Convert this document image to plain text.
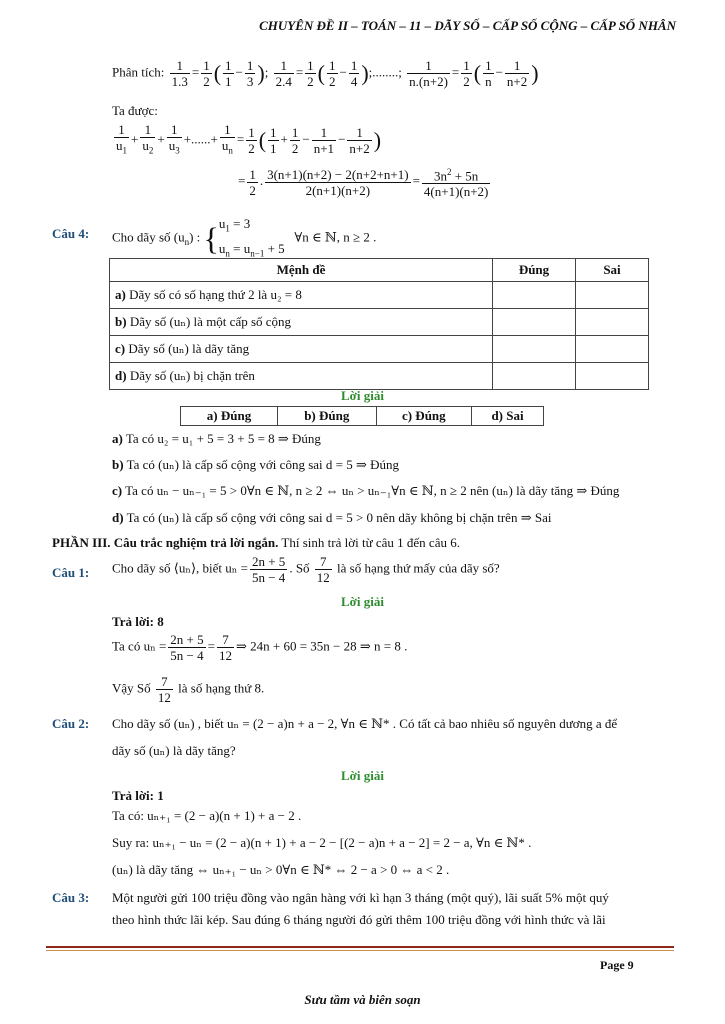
CHUYÊN ĐỀ II – TOÁN – 11 – DÃY SỐ – CẤP SỐ CỘNG – CẤP SỐ NHÂN
Phân tích: $\frac{1}{1.3} = \frac{1}{2}$ ( $\frac{1}{1} - \frac{1}{3}$ ); $\frac{1}{2.4} = \frac{1}{2}$ ( $\frac{1}{2} - \frac{1}{4}$ );........; $\frac{1}{n.(n+2)} = \frac{1}{2}$ ( $\frac{1}{n} - \frac{1}{n+2}$ )
Ta được:
$\frac{1}{u_1} + \frac{1}{u_2} + \frac{1}{u_3}$ +......+ $\frac{1}{u_n} = \frac{1}{2}$ ( $\frac{1}{1} + \frac{1}{2} - \frac{1}{n+1} - \frac{1}{n+2}$ )
= $\frac{1}{2}$ . $\frac{3(n+1)(n+2) - 2(n+2+n+1)}{2(n+1)(n+2)} = \frac{3n^2 + 5n}{4(n+1)(n+2)}$
Câu 4: Cho dãy số $(u_n)$ : {$u_1 = 3$
$u_n = u_{n-1} + 5$   ∀n ∈ ℕ, n ≥ 2 .
Mệnh đề	Đúng	Sai
a) Dãy số có số hạng thứ 2 là u₂ = 8		
b) Dãy số (uₙ) là một cấp số cộng		
c) Dãy số (uₙ) là dãy tăng		
d) Dãy số (uₙ) bị chặn trên		
Lời giải
a) Đúng	b) Đúng	c) Đúng	d) Sai
a) Ta có u₂ = u₁ + 5 = 3 + 5 = 8 ⇒ Đúng
b) Ta có (uₙ) là cấp số cộng với công sai d = 5 ⇒ Đúng
c) Ta có uₙ − uₙ₋₁ = 5 > 0∀n ∈ ℕ, n ≥ 2 ⇔ uₙ > uₙ₋₁∀n ∈ ℕ, n ≥ 2 nên (uₙ) là dãy tăng ⇒ Đúng
d) Ta có (uₙ) là cấp số cộng với công sai d = 5 > 0 nên dãy không bị chặn trên ⇒ Sai
PHẦN III. Câu trắc nghiệm trả lời ngắn. Thí sinh trả lời từ câu 1 đến câu 6.
Câu 1: Cho dãy số ⟨uₙ⟩, biết $u_n = \frac{2n + 5}{5n - 4}$ . Số $\frac{7}{12}$ là số hạng thứ mấy của dãy số?
Lời giải
Trả lời: 8
Ta có $u_n = \frac{2n + 5}{5n - 4} = \frac{7}{12}$ ⇒ 24n + 60 = 35n − 28 ⇒ n = 8 .
Vậy Số $\frac{7}{12}$ là số hạng thứ 8.
Câu 2: Cho dãy số (uₙ) , biết uₙ = (2 − a)n + a − 2, ∀n ∈ ℕ* . Có tất cả bao nhiêu số nguyên dương a để
dãy số (uₙ) là dãy tăng?
Lời giải
Trả lời: 1
Ta có: uₙ₊₁ = (2 − a)(n + 1) + a − 2 .
Suy ra: uₙ₊₁ − uₙ = (2 − a)(n + 1) + a − 2 − [(2 − a)n + a − 2] = 2 − a, ∀n ∈ ℕ* .
(uₙ) là dãy tăng ⇔ uₙ₊₁ − uₙ > 0∀n ∈ ℕ* ⇔ 2 − a > 0 ⇔ a < 2 .
Câu 3: Một người gửi 100 triệu đồng vào ngân hàng với kì hạn 3 tháng (một quý), lãi suất 5% một quý
theo hình thức lãi kép. Sau đúng 6 tháng người đó gửi thêm 100 triệu đồng với hình thức và lãi
Page 9
Sưu tầm và biên soạn
